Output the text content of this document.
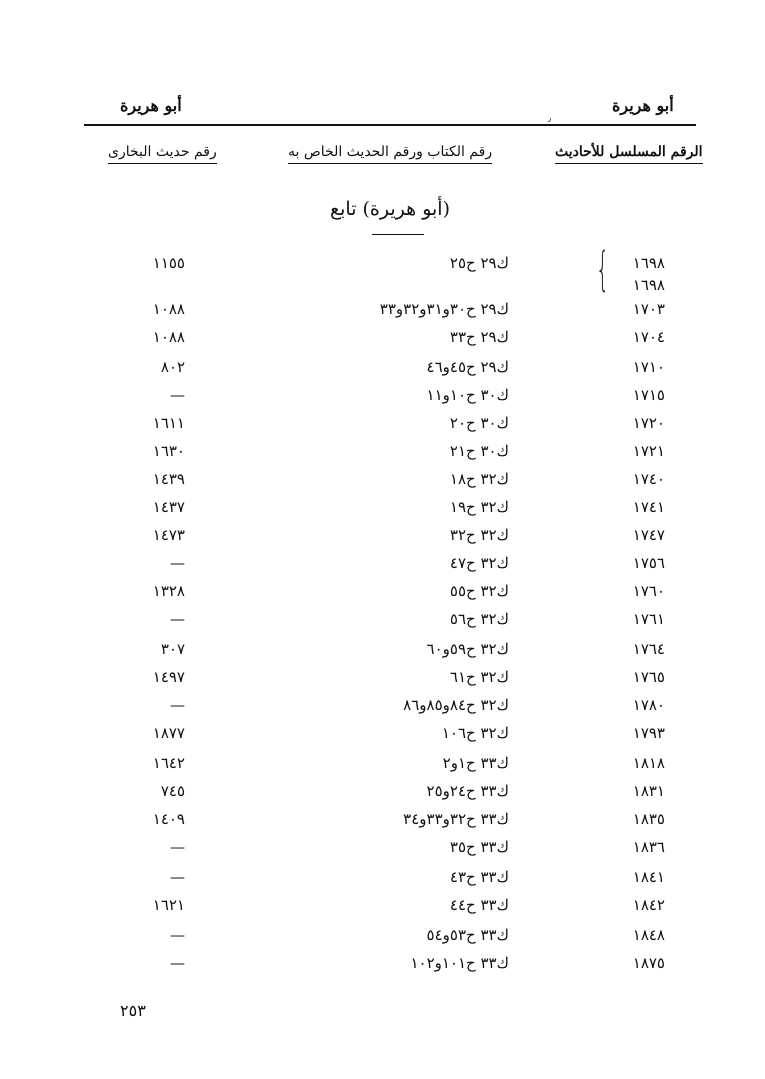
أبو هريرة
أبو هريرة
٫
الرقم المسلسل للأحاديث
رقم الكتاب ورقم الحديث الخاص به
رقم حديث البخارى
(أبو هريرة) تابع
{ ١٦٩٨
ك٢٩ ح٢٥
١١٥٥
١٦٩٨
١٧٠٣
ك٢٩ ح٣٠و٣١و٣٢و٣٣
١٠٨٨
١٧٠٤
ك٢٩ ح٣٣
١٠٨٨
١٧١٠
ك٢٩ ح٤٥و٤٦
٨٠٢
١٧١٥
ك٣٠ ح١٠و١١
—
١٧٢٠
ك٣٠ ح٢٠
١٦١١
١٧٢١
ك٣٠ ح٢١
١٦٣٠
١٧٤٠
ك٣٢ ح١٨
١٤٣٩
١٧٤١
ك٣٢ ح١٩
١٤٣٧
١٧٤٧
ك٣٢ ح٣٢
١٤٧٣
١٧٥٦
ك٣٢ ح٤٧
—
١٧٦٠
ك٣٢ ح٥٥
١٣٢٨
١٧٦١
ك٣٢ ح٥٦
—
١٧٦٤
ك٣٢ ح٥٩و٦٠
٣٠٧
١٧٦٥
ك٣٢ ح٦١
١٤٩٧
١٧٨٠
ك٣٢ ح٨٤و٨٥و٨٦
—
١٧٩٣
ك٣٢ ح١٠٦
١٨٧٧
١٨١٨
ك٣٣ ح١و٢
١٦٤٢
١٨٣١
ك٣٣ ح٢٤و٢٥
٧٤٥
١٨٣٥
ك٣٣ ح٣٢و٣٣و٣٤
١٤٠٩
١٨٣٦
ك٣٣ ح٣٥
—
١٨٤١
ك٣٣ ح٤٣
—
١٨٤٢
ك٣٣ ح٤٤
١٦٢١
١٨٤٨
ك٣٣ ح٥٣و٥٤
—
١٨٧٥
ك٣٣ ح١٠١و١٠٢
—
٢٥٣
